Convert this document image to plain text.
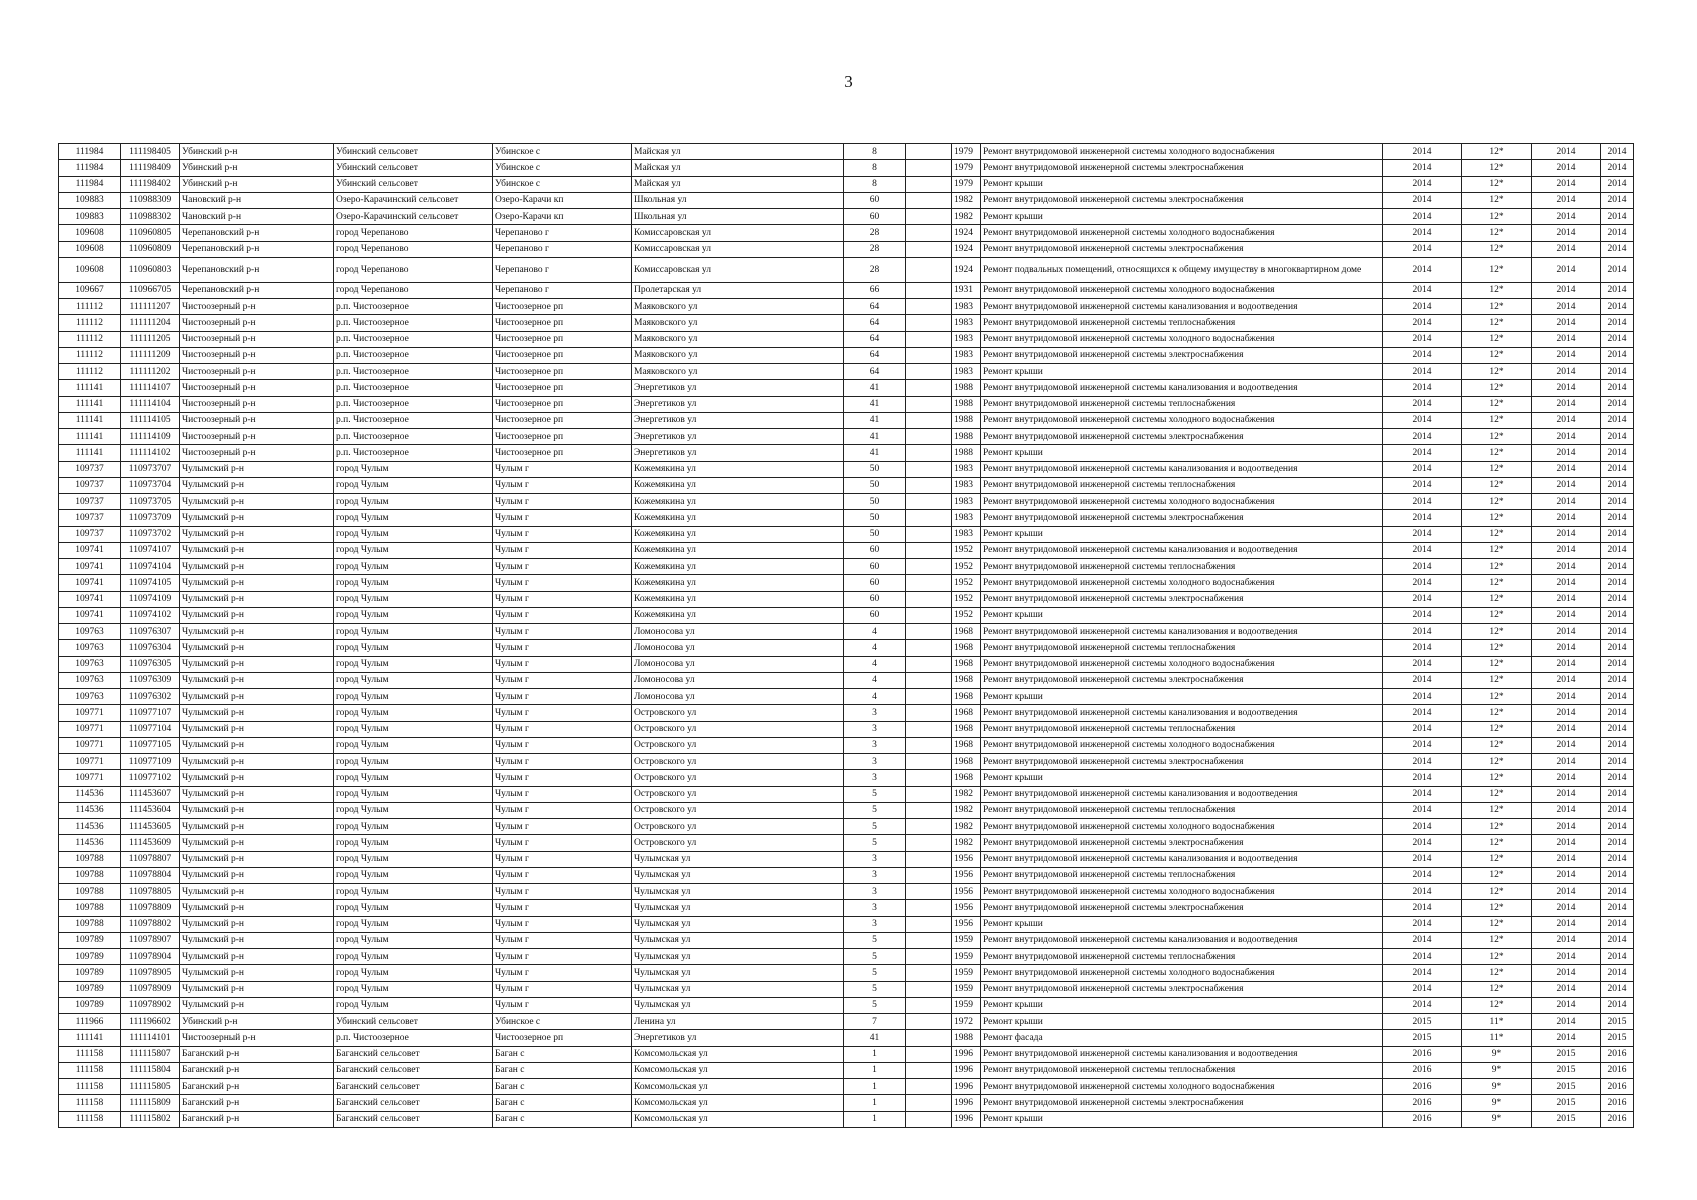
3
111984	111198405	Убинский р-н	Убинский сельсовет	Убинское с	Майская ул	8		1979	Ремонт внутридомовой инженерной системы холодного водоснабжения	2014	12*	2014	2014
111984	111198409	Убинский р-н	Убинский сельсовет	Убинское с	Майская ул	8		1979	Ремонт внутридомовой инженерной системы электроснабжения	2014	12*	2014	2014
111984	111198402	Убинский р-н	Убинский сельсовет	Убинское с	Майская ул	8		1979	Ремонт крыши	2014	12*	2014	2014
109883	110988309	Чановский р-н	Озеро-Карачинский сельсовет	Озеро-Карачи кп	Школьная ул	60		1982	Ремонт внутридомовой инженерной системы электроснабжения	2014	12*	2014	2014
109883	110988302	Чановский р-н	Озеро-Карачинский сельсовет	Озеро-Карачи кп	Школьная ул	60		1982	Ремонт крыши	2014	12*	2014	2014
109608	110960805	Черепановский р-н	город Черепаново	Черепаново г	Комиссаровская ул	28		1924	Ремонт внутридомовой инженерной системы холодного водоснабжения	2014	12*	2014	2014
109608	110960809	Черепановский р-н	город Черепаново	Черепаново г	Комиссаровская ул	28		1924	Ремонт внутридомовой инженерной системы электроснабжения	2014	12*	2014	2014
109608	110960803	Черепановский р-н	город Черепаново	Черепаново г	Комиссаровская ул	28		1924	Ремонт подвальных помещений, относящихся к общему имуществу в многоквартирном доме	2014	12*	2014	2014
109667	110966705	Черепановский р-н	город Черепаново	Черепаново г	Пролетарская ул	66		1931	Ремонт внутридомовой инженерной системы холодного водоснабжения	2014	12*	2014	2014
111112	111111207	Чистоозерный р-н	р.п. Чистоозерное	Чистоозерное рп	Маяковского ул	64		1983	Ремонт внутридомовой инженерной системы канализования и водоотведения	2014	12*	2014	2014
111112	111111204	Чистоозерный р-н	р.п. Чистоозерное	Чистоозерное рп	Маяковского ул	64		1983	Ремонт внутридомовой инженерной системы теплоснабжения	2014	12*	2014	2014
111112	111111205	Чистоозерный р-н	р.п. Чистоозерное	Чистоозерное рп	Маяковского ул	64		1983	Ремонт внутридомовой инженерной системы холодного водоснабжения	2014	12*	2014	2014
111112	111111209	Чистоозерный р-н	р.п. Чистоозерное	Чистоозерное рп	Маяковского ул	64		1983	Ремонт внутридомовой инженерной системы электроснабжения	2014	12*	2014	2014
111112	111111202	Чистоозерный р-н	р.п. Чистоозерное	Чистоозерное рп	Маяковского ул	64		1983	Ремонт крыши	2014	12*	2014	2014
111141	111114107	Чистоозерный р-н	р.п. Чистоозерное	Чистоозерное рп	Энергетиков ул	41		1988	Ремонт внутридомовой инженерной системы канализования и водоотведения	2014	12*	2014	2014
111141	111114104	Чистоозерный р-н	р.п. Чистоозерное	Чистоозерное рп	Энергетиков ул	41		1988	Ремонт внутридомовой инженерной системы теплоснабжения	2014	12*	2014	2014
111141	111114105	Чистоозерный р-н	р.п. Чистоозерное	Чистоозерное рп	Энергетиков ул	41		1988	Ремонт внутридомовой инженерной системы холодного водоснабжения	2014	12*	2014	2014
111141	111114109	Чистоозерный р-н	р.п. Чистоозерное	Чистоозерное рп	Энергетиков ул	41		1988	Ремонт внутридомовой инженерной системы электроснабжения	2014	12*	2014	2014
111141	111114102	Чистоозерный р-н	р.п. Чистоозерное	Чистоозерное рп	Энергетиков ул	41		1988	Ремонт крыши	2014	12*	2014	2014
109737	110973707	Чулымский р-н	город Чулым	Чулым г	Кожемякина ул	50		1983	Ремонт внутридомовой инженерной системы канализования и водоотведения	2014	12*	2014	2014
109737	110973704	Чулымский р-н	город Чулым	Чулым г	Кожемякина ул	50		1983	Ремонт внутридомовой инженерной системы теплоснабжения	2014	12*	2014	2014
109737	110973705	Чулымский р-н	город Чулым	Чулым г	Кожемякина ул	50		1983	Ремонт внутридомовой инженерной системы холодного водоснабжения	2014	12*	2014	2014
109737	110973709	Чулымский р-н	город Чулым	Чулым г	Кожемякина ул	50		1983	Ремонт внутридомовой инженерной системы электроснабжения	2014	12*	2014	2014
109737	110973702	Чулымский р-н	город Чулым	Чулым г	Кожемякина ул	50		1983	Ремонт крыши	2014	12*	2014	2014
109741	110974107	Чулымский р-н	город Чулым	Чулым г	Кожемякина ул	60		1952	Ремонт внутридомовой инженерной системы канализования и водоотведения	2014	12*	2014	2014
109741	110974104	Чулымский р-н	город Чулым	Чулым г	Кожемякина ул	60		1952	Ремонт внутридомовой инженерной системы теплоснабжения	2014	12*	2014	2014
109741	110974105	Чулымский р-н	город Чулым	Чулым г	Кожемякина ул	60		1952	Ремонт внутридомовой инженерной системы холодного водоснабжения	2014	12*	2014	2014
109741	110974109	Чулымский р-н	город Чулым	Чулым г	Кожемякина ул	60		1952	Ремонт внутридомовой инженерной системы электроснабжения	2014	12*	2014	2014
109741	110974102	Чулымский р-н	город Чулым	Чулым г	Кожемякина ул	60		1952	Ремонт крыши	2014	12*	2014	2014
109763	110976307	Чулымский р-н	город Чулым	Чулым г	Ломоносова ул	4		1968	Ремонт внутридомовой инженерной системы канализования и водоотведения	2014	12*	2014	2014
109763	110976304	Чулымский р-н	город Чулым	Чулым г	Ломоносова ул	4		1968	Ремонт внутридомовой инженерной системы теплоснабжения	2014	12*	2014	2014
109763	110976305	Чулымский р-н	город Чулым	Чулым г	Ломоносова ул	4		1968	Ремонт внутридомовой инженерной системы холодного водоснабжения	2014	12*	2014	2014
109763	110976309	Чулымский р-н	город Чулым	Чулым г	Ломоносова ул	4		1968	Ремонт внутридомовой инженерной системы электроснабжения	2014	12*	2014	2014
109763	110976302	Чулымский р-н	город Чулым	Чулым г	Ломоносова ул	4		1968	Ремонт крыши	2014	12*	2014	2014
109771	110977107	Чулымский р-н	город Чулым	Чулым г	Островского ул	3		1968	Ремонт внутридомовой инженерной системы канализования и водоотведения	2014	12*	2014	2014
109771	110977104	Чулымский р-н	город Чулым	Чулым г	Островского ул	3		1968	Ремонт внутридомовой инженерной системы теплоснабжения	2014	12*	2014	2014
109771	110977105	Чулымский р-н	город Чулым	Чулым г	Островского ул	3		1968	Ремонт внутридомовой инженерной системы холодного водоснабжения	2014	12*	2014	2014
109771	110977109	Чулымский р-н	город Чулым	Чулым г	Островского ул	3		1968	Ремонт внутридомовой инженерной системы электроснабжения	2014	12*	2014	2014
109771	110977102	Чулымский р-н	город Чулым	Чулым г	Островского ул	3		1968	Ремонт крыши	2014	12*	2014	2014
114536	111453607	Чулымский р-н	город Чулым	Чулым г	Островского ул	5		1982	Ремонт внутридомовой инженерной системы канализования и водоотведения	2014	12*	2014	2014
114536	111453604	Чулымский р-н	город Чулым	Чулым г	Островского ул	5		1982	Ремонт внутридомовой инженерной системы теплоснабжения	2014	12*	2014	2014
114536	111453605	Чулымский р-н	город Чулым	Чулым г	Островского ул	5		1982	Ремонт внутридомовой инженерной системы холодного водоснабжения	2014	12*	2014	2014
114536	111453609	Чулымский р-н	город Чулым	Чулым г	Островского ул	5		1982	Ремонт внутридомовой инженерной системы электроснабжения	2014	12*	2014	2014
109788	110978807	Чулымский р-н	город Чулым	Чулым г	Чулымская ул	3		1956	Ремонт внутридомовой инженерной системы канализования и водоотведения	2014	12*	2014	2014
109788	110978804	Чулымский р-н	город Чулым	Чулым г	Чулымская ул	3		1956	Ремонт внутридомовой инженерной системы теплоснабжения	2014	12*	2014	2014
109788	110978805	Чулымский р-н	город Чулым	Чулым г	Чулымская ул	3		1956	Ремонт внутридомовой инженерной системы холодного водоснабжения	2014	12*	2014	2014
109788	110978809	Чулымский р-н	город Чулым	Чулым г	Чулымская ул	3		1956	Ремонт внутридомовой инженерной системы электроснабжения	2014	12*	2014	2014
109788	110978802	Чулымский р-н	город Чулым	Чулым г	Чулымская ул	3		1956	Ремонт крыши	2014	12*	2014	2014
109789	110978907	Чулымский р-н	город Чулым	Чулым г	Чулымская ул	5		1959	Ремонт внутридомовой инженерной системы канализования и водоотведения	2014	12*	2014	2014
109789	110978904	Чулымский р-н	город Чулым	Чулым г	Чулымская ул	5		1959	Ремонт внутридомовой инженерной системы теплоснабжения	2014	12*	2014	2014
109789	110978905	Чулымский р-н	город Чулым	Чулым г	Чулымская ул	5		1959	Ремонт внутридомовой инженерной системы холодного водоснабжения	2014	12*	2014	2014
109789	110978909	Чулымский р-н	город Чулым	Чулым г	Чулымская ул	5		1959	Ремонт внутридомовой инженерной системы электроснабжения	2014	12*	2014	2014
109789	110978902	Чулымский р-н	город Чулым	Чулым г	Чулымская ул	5		1959	Ремонт крыши	2014	12*	2014	2014
111966	111196602	Убинский р-н	Убинский сельсовет	Убинское с	Ленина ул	7		1972	Ремонт крыши	2015	11*	2014	2015
111141	111114101	Чистоозерный р-н	р.п. Чистоозерное	Чистоозерное рп	Энергетиков ул	41		1988	Ремонт фасада	2015	11*	2014	2015
111158	111115807	Баганский р-н	Баганский сельсовет	Баган с	Комсомольская ул	1		1996	Ремонт внутридомовой инженерной системы канализования и водоотведения	2016	9*	2015	2016
111158	111115804	Баганский р-н	Баганский сельсовет	Баган с	Комсомольская ул	1		1996	Ремонт внутридомовой инженерной системы теплоснабжения	2016	9*	2015	2016
111158	111115805	Баганский р-н	Баганский сельсовет	Баган с	Комсомольская ул	1		1996	Ремонт внутридомовой инженерной системы холодного водоснабжения	2016	9*	2015	2016
111158	111115809	Баганский р-н	Баганский сельсовет	Баган с	Комсомольская ул	1		1996	Ремонт внутридомовой инженерной системы электроснабжения	2016	9*	2015	2016
111158	111115802	Баганский р-н	Баганский сельсовет	Баган с	Комсомольская ул	1		1996	Ремонт крыши	2016	9*	2015	2016
